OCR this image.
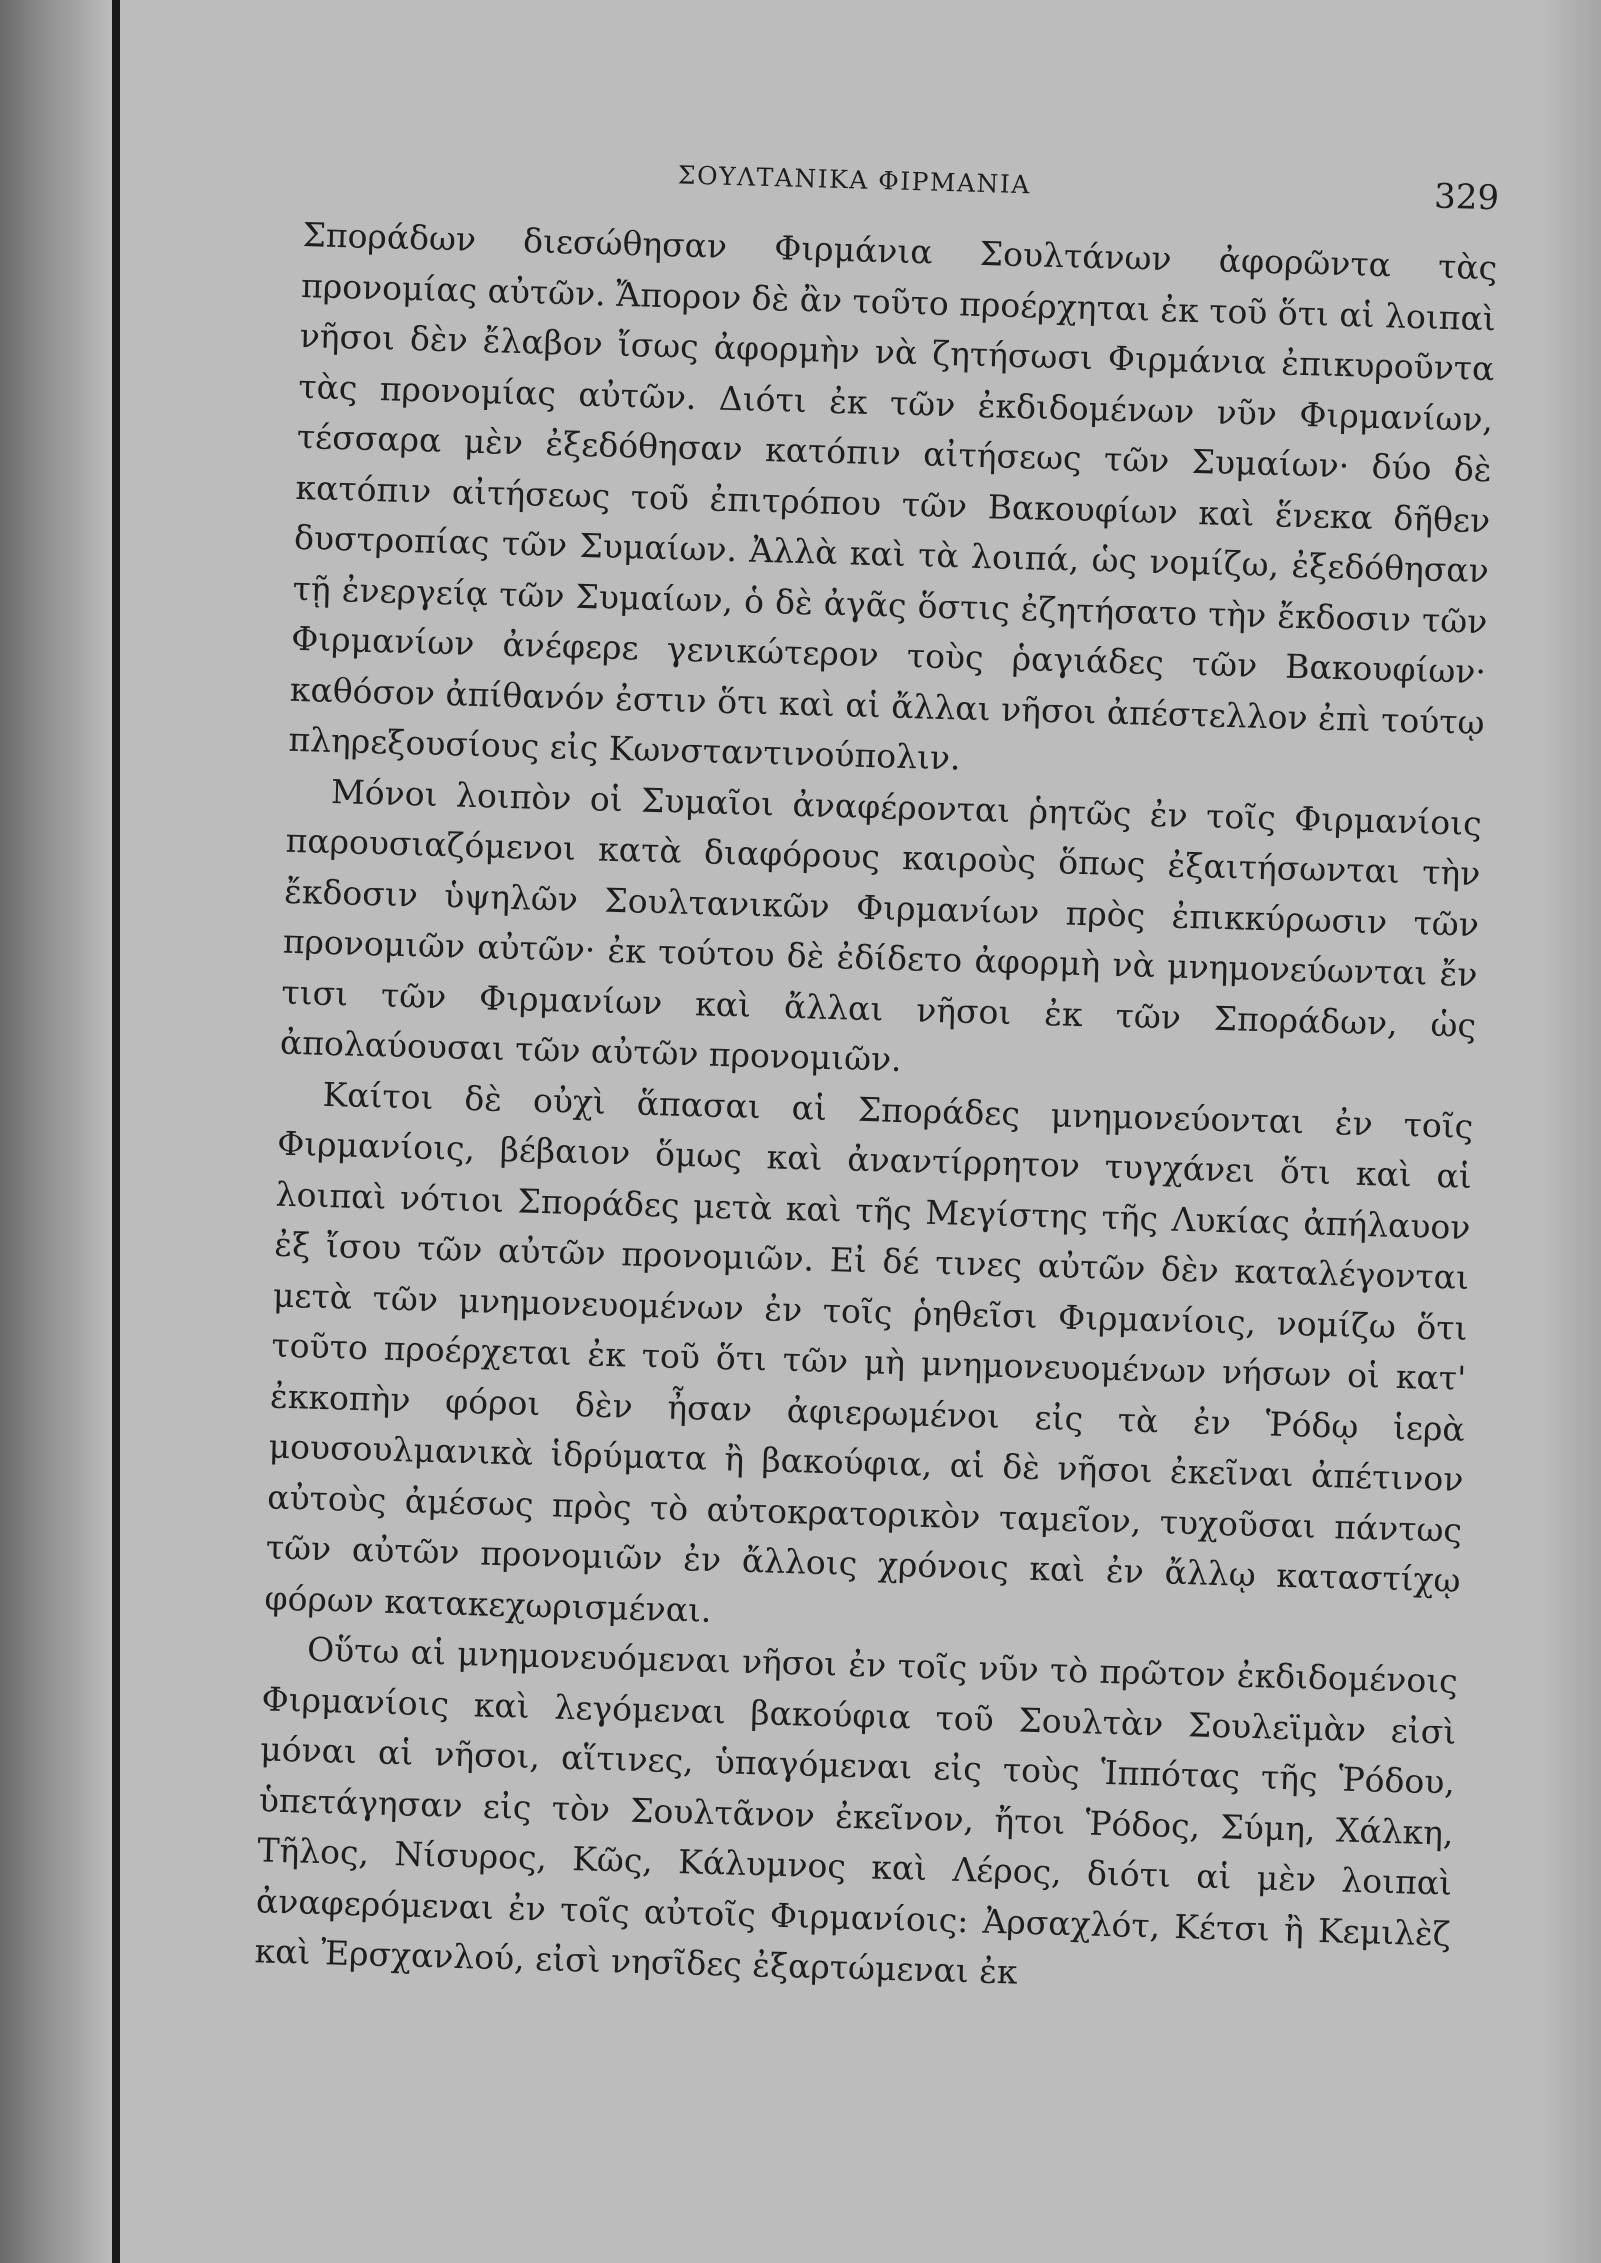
ΣΟΥΛΤΑΝΙΚΑ ΦΙΡΜΑΝΙΑ	329

Σποράδων διεσώθησαν Φιρμάνια Σουλτάνων ἀφορῶντα τὰς προνομίας αὐτῶν. Ἄπορον δὲ ἂν τοῦτο προέρχηται ἐκ τοῦ ὅτι αἱ λοιπαὶ νῆσοι δὲν ἔλαβον ἴσως ἀφορμὴν νὰ ζητήσωσι Φιρμάνια ἐπικυροῦντα τὰς προνομίας αὐτῶν. Διότι ἐκ τῶν ἐκδιδομένων νῦν Φιρμανίων, τέσσαρα μὲν ἐξεδόθησαν κατόπιν αἰτήσεως τῶν Συμαίων· δύο δὲ κατόπιν αἰτήσεως τοῦ ἐπιτρόπου τῶν Βακουφίων καὶ ἕνεκα δῆθεν δυστροπίας τῶν Συμαίων. Ἀλλὰ καὶ τὰ λοιπά, ὡς νομίζω, ἐξεδόθησαν τῇ ἐνεργείᾳ τῶν Συμαίων, ὁ δὲ ἀγᾶς ὅστις ἐζητήσατο τὴν ἔκδοσιν τῶν Φιρμανίων ἀνέφερε γενικώτερον τοὺς ῥαγιάδες τῶν Βακουφίων· καθόσον ἀπίθανόν ἐστιν ὅτι καὶ αἱ ἄλλαι νῆσοι ἀπέστελλον ἐπὶ τούτῳ πληρεξουσίους εἰς Κωνσταντινούπολιν.

Μόνοι λοιπὸν οἱ Συμαῖοι ἀναφέρονται ῥητῶς ἐν τοῖς Φιρμανίοις παρουσιαζόμενοι κατὰ διαφόρους καιροὺς ὅπως ἐξαιτήσωνται τὴν ἔκδοσιν ὑψηλῶν Σουλτανικῶν Φιρμανίων πρὸς ἐπικκύρωσιν τῶν προνομιῶν αὐτῶν· ἐκ τούτου δὲ ἐδίδετο ἀφορμὴ νὰ μνημονεύωνται ἔν τισι τῶν Φιρμανίων καὶ ἄλλαι νῆσοι ἐκ τῶν Σποράδων, ὡς ἀπολαύουσαι τῶν αὐτῶν προνομιῶν.

Καίτοι δὲ οὐχὶ ἅπασαι αἱ Σποράδες μνημονεύονται ἐν τοῖς Φιρμανίοις, βέβαιον ὅμως καὶ ἀναντίρρητον τυγχάνει ὅτι καὶ αἱ λοιπαὶ νότιοι Σποράδες μετὰ καὶ τῆς Μεγίστης τῆς Λυκίας ἀπήλαυον ἐξ ἴσου τῶν αὐτῶν προνομιῶν. Εἰ δέ τινες αὐτῶν δὲν καταλέγονται μετὰ τῶν μνημονευομένων ἐν τοῖς ῥηθεῖσι Φιρμανίοις, νομίζω ὅτι τοῦτο προέρχεται ἐκ τοῦ ὅτι τῶν μὴ μνημονευομένων νήσων οἱ κατ' ἐκκοπὴν φόροι δὲν ἦσαν ἀφιερωμένοι εἰς τὰ ἐν Ῥόδῳ ἱερὰ μουσουλμανικὰ ἱδρύματα ἢ βακούφια, αἱ δὲ νῆσοι ἐκεῖναι ἀπέτινον αὐτοὺς ἀμέσως πρὸς τὸ αὐτοκρατορικὸν ταμεῖον, τυχοῦσαι πάντως τῶν αὐτῶν προνομιῶν ἐν ἄλλοις χρόνοις καὶ ἐν ἄλλῳ καταστίχῳ φόρων κατακεχωρισμέναι.

Οὕτω αἱ μνημονευόμεναι νῆσοι ἐν τοῖς νῦν τὸ πρῶτον ἐκδιδομένοις Φιρμανίοις καὶ λεγόμεναι βακούφια τοῦ Σουλτὰν Σουλεϊμὰν εἰσὶ μόναι αἱ νῆσοι, αἵτινες, ὑπαγόμεναι εἰς τοὺς Ἱππότας τῆς Ῥόδου, ὑπετάγησαν εἰς τὸν Σουλτᾶνον ἐκεῖνον, ἤτοι Ῥόδος, Σύμη, Χάλκη, Τῆλος, Νίσυρος, Κῶς, Κάλυμνος καὶ Λέρος, διότι αἱ μὲν λοιπαὶ ἀναφερόμεναι ἐν τοῖς αὐτοῖς Φιρμανίοις: Ἀρσαχλότ, Κέτσι ἢ Κεμιλὲζ καὶ Ἐρσχανλού, εἰσὶ νησῖδες ἐξαρτώμεναι ἐκ
